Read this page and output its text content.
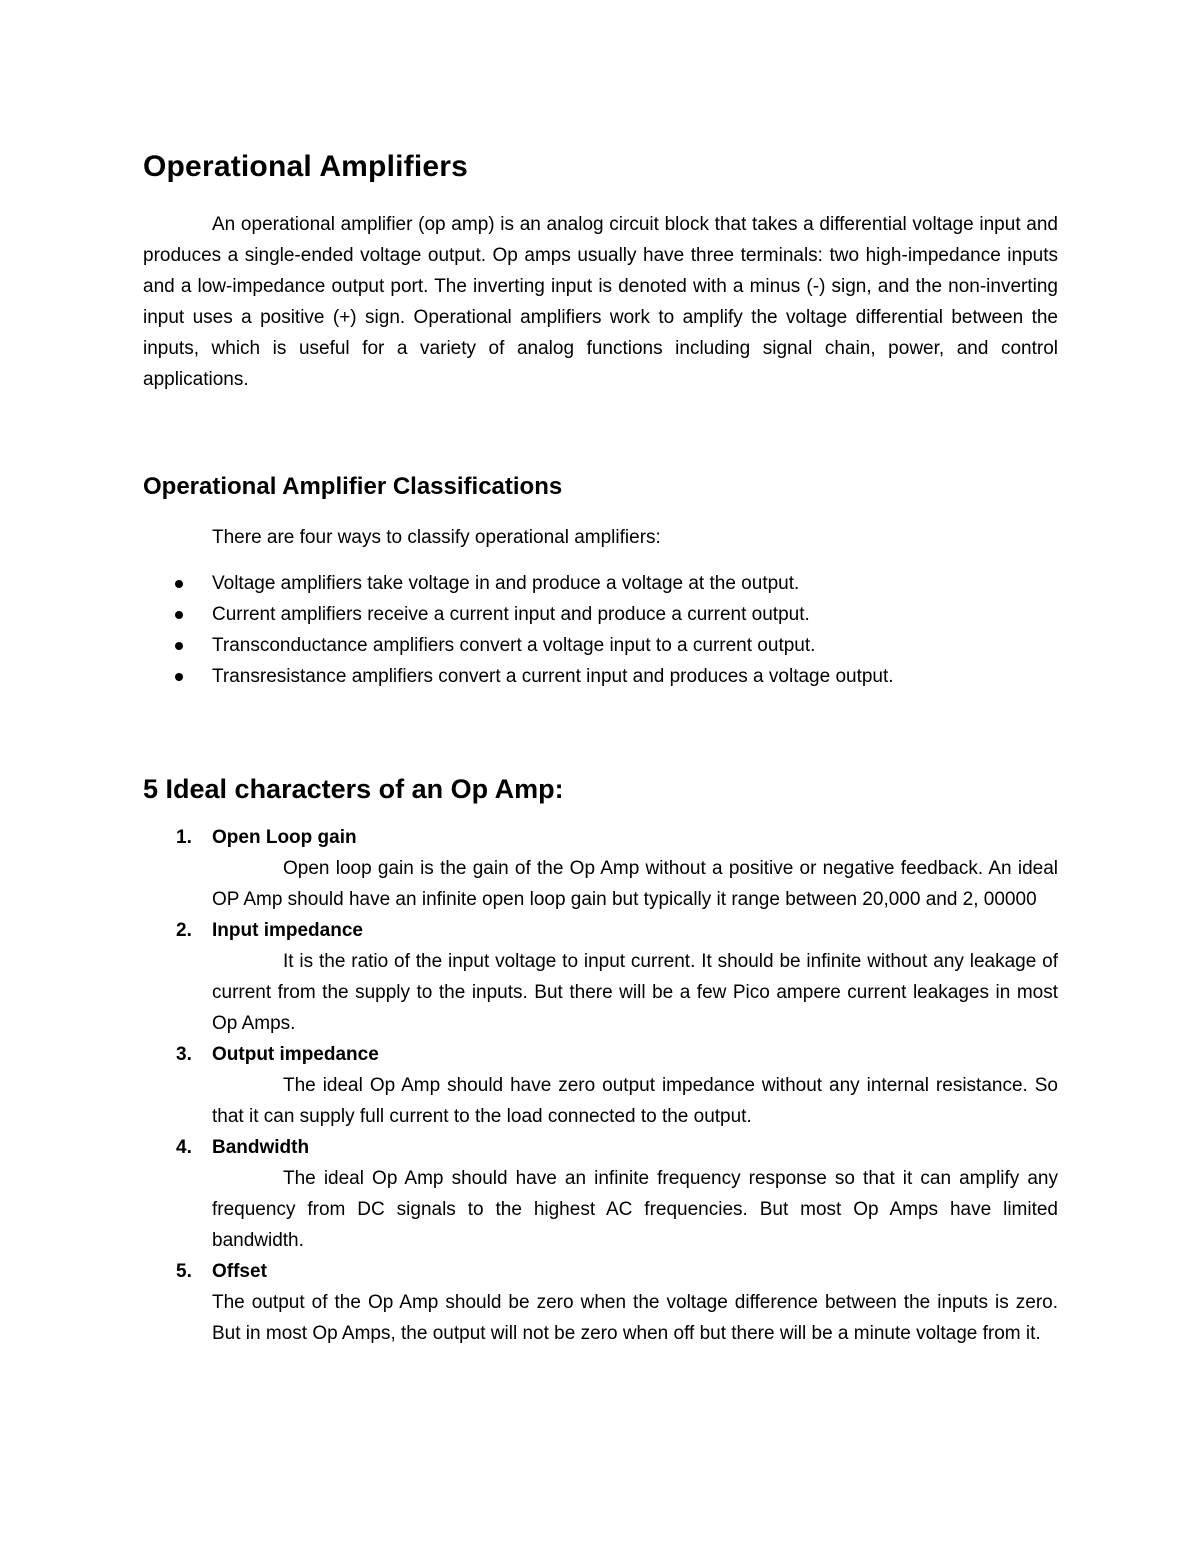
Operational Amplifiers

An operational amplifier (op amp) is an analog circuit block that takes a differential voltage input and produces a single-ended voltage output. Op amps usually have three terminals: two high-impedance inputs and a low-impedance output port. The inverting input is denoted with a minus (-) sign, and the non-inverting input uses a positive (+) sign. Operational amplifiers work to amplify the voltage differential between the inputs, which is useful for a variety of analog functions including signal chain, power, and control applications.

Operational Amplifier Classifications

There are four ways to classify operational amplifiers:

Voltage amplifiers take voltage in and produce a voltage at the output.
Current amplifiers receive a current input and produce a current output.
Transconductance amplifiers convert a voltage input to a current output.
Transresistance amplifiers convert a current input and produces a voltage output.
5 Ideal characters of an Op Amp:
1. Open Loop gain
Open loop gain is the gain of the Op Amp without a positive or negative feedback. An ideal OP Amp should have an infinite open loop gain but typically it range between 20,000 and 2, 00000
2. Input impedance
It is the ratio of the input voltage to input current. It should be infinite without any leakage of current from the supply to the inputs. But there will be a few Pico ampere current leakages in most Op Amps.
3. Output impedance
The ideal Op Amp should have zero output impedance without any internal resistance. So that it can supply full current to the load connected to the output.
4. Bandwidth
The ideal Op Amp should have an infinite frequency response so that it can amplify any frequency from DC signals to the highest AC frequencies. But most Op Amps have limited bandwidth.
5. Offset
The output of the Op Amp should be zero when the voltage difference between the inputs is zero. But in most Op Amps, the output will not be zero when off but there will be a minute voltage from it.
